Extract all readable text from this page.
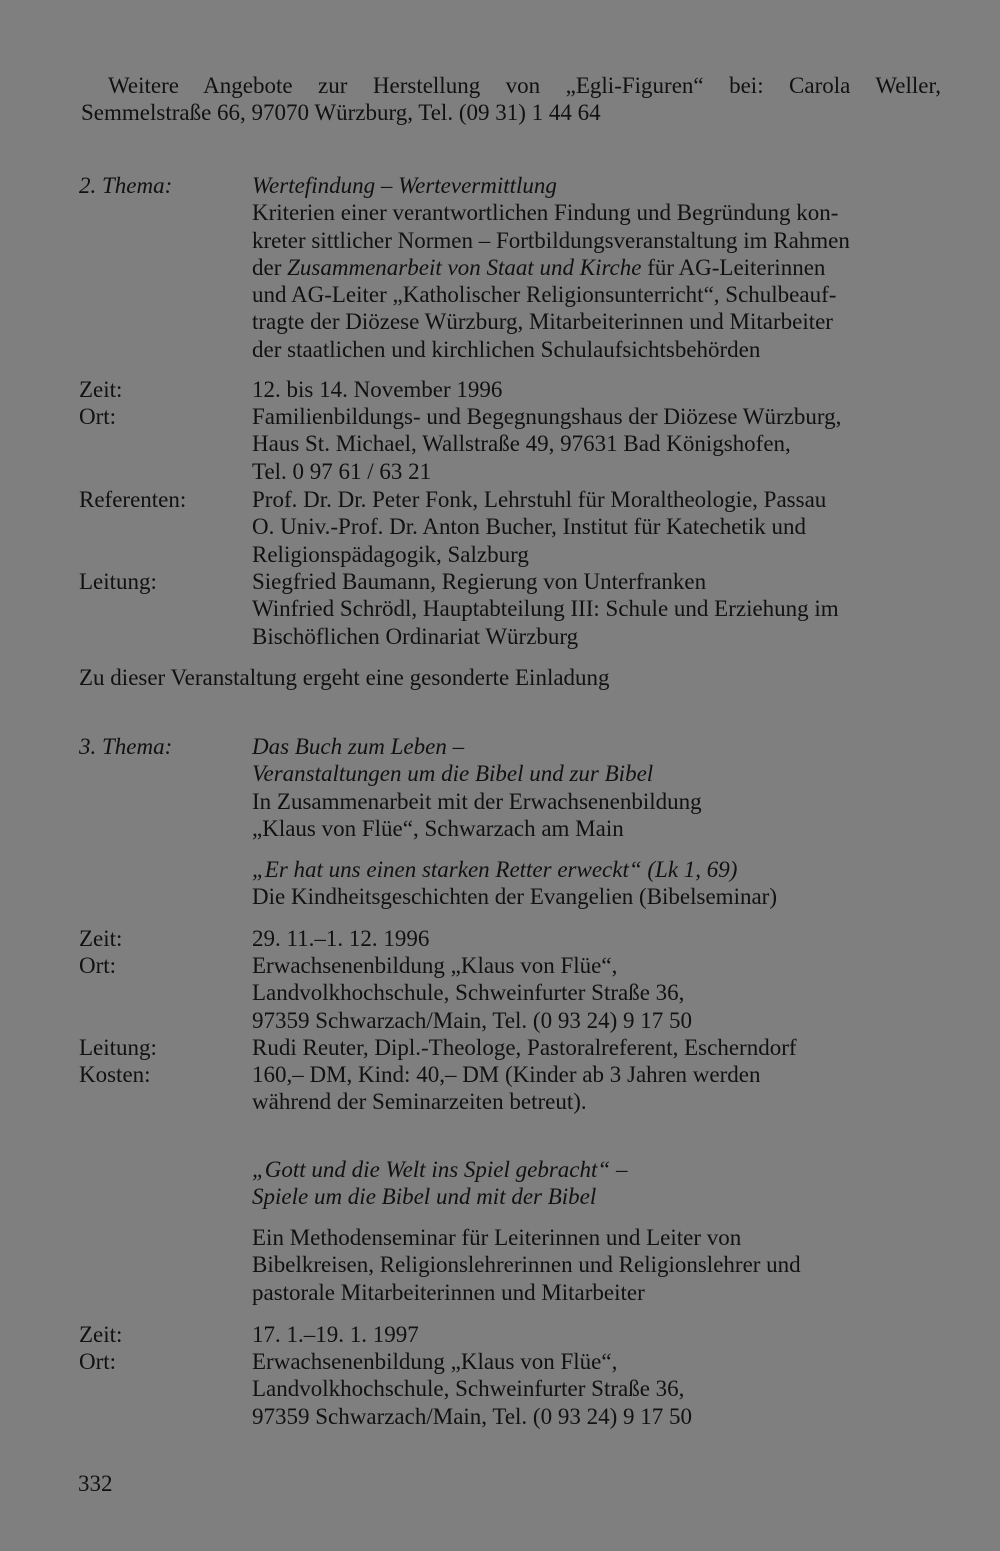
Weitere Angebote zur Herstellung von „Egli-Figuren“ bei: Carola Weller,
Semmelstraße 66, 97070 Würzburg, Tel. (09 31) 1 44 64
2. Thema:	Wertefindung – Wertevermittlung
Kriterien einer verantwortlichen Findung und Begründung kon-
kreter sittlicher Normen – Fortbildungsveranstaltung im Rahmen
der Zusammenarbeit von Staat und Kirche für AG-Leiterinnen
und AG-Leiter „Katholischer Religionsunterricht“, Schulbeauf-
tragte der Diözese Würzburg, Mitarbeiterinnen und Mitarbeiter
der staatlichen und kirchlichen Schulaufsichtsbehörden
Zeit:	12. bis 14. November 1996
Ort:	Familienbildungs- und Begegnungshaus der Diözese Würzburg,
Haus St. Michael, Wallstraße 49, 97631 Bad Königshofen,
Tel. 0 97 61 / 63 21
Referenten:	Prof. Dr. Dr. Peter Fonk, Lehrstuhl für Moraltheologie, Passau
O. Univ.-Prof. Dr. Anton Bucher, Institut für Katechetik und
Religionspädagogik, Salzburg
Leitung:	Siegfried Baumann, Regierung von Unterfranken
Winfried Schrödl, Hauptabteilung III: Schule und Erziehung im
Bischöflichen Ordinariat Würzburg
Zu dieser Veranstaltung ergeht eine gesonderte Einladung
3. Thema:	Das Buch zum Leben –
Veranstaltungen um die Bibel und zur Bibel
In Zusammenarbeit mit der Erwachsenenbildung
„Klaus von Flüe“, Schwarzach am Main
„Er hat uns einen starken Retter erweckt“ (Lk 1, 69)
Die Kindheitsgeschichten der Evangelien (Bibelseminar)
Zeit:	29. 11.–1. 12. 1996
Ort:	Erwachsenenbildung „Klaus von Flüe“,
Landvolkhochschule, Schweinfurter Straße 36,
97359 Schwarzach/Main, Tel. (0 93 24) 9 17 50
Leitung:	Rudi Reuter, Dipl.-Theologe, Pastoralreferent, Escherndorf
Kosten:	160,– DM, Kind: 40,– DM (Kinder ab 3 Jahren werden
während der Seminarzeiten betreut).
„Gott und die Welt ins Spiel gebracht“ –
Spiele um die Bibel und mit der Bibel
Ein Methodenseminar für Leiterinnen und Leiter von
Bibelkreisen, Religionslehrerinnen und Religionslehrer und
pastorale Mitarbeiterinnen und Mitarbeiter
Zeit:	17. 1.–19. 1. 1997
Ort:	Erwachsenenbildung „Klaus von Flüe“,
Landvolkhochschule, Schweinfurter Straße 36,
97359 Schwarzach/Main, Tel. (0 93 24) 9 17 50
332
